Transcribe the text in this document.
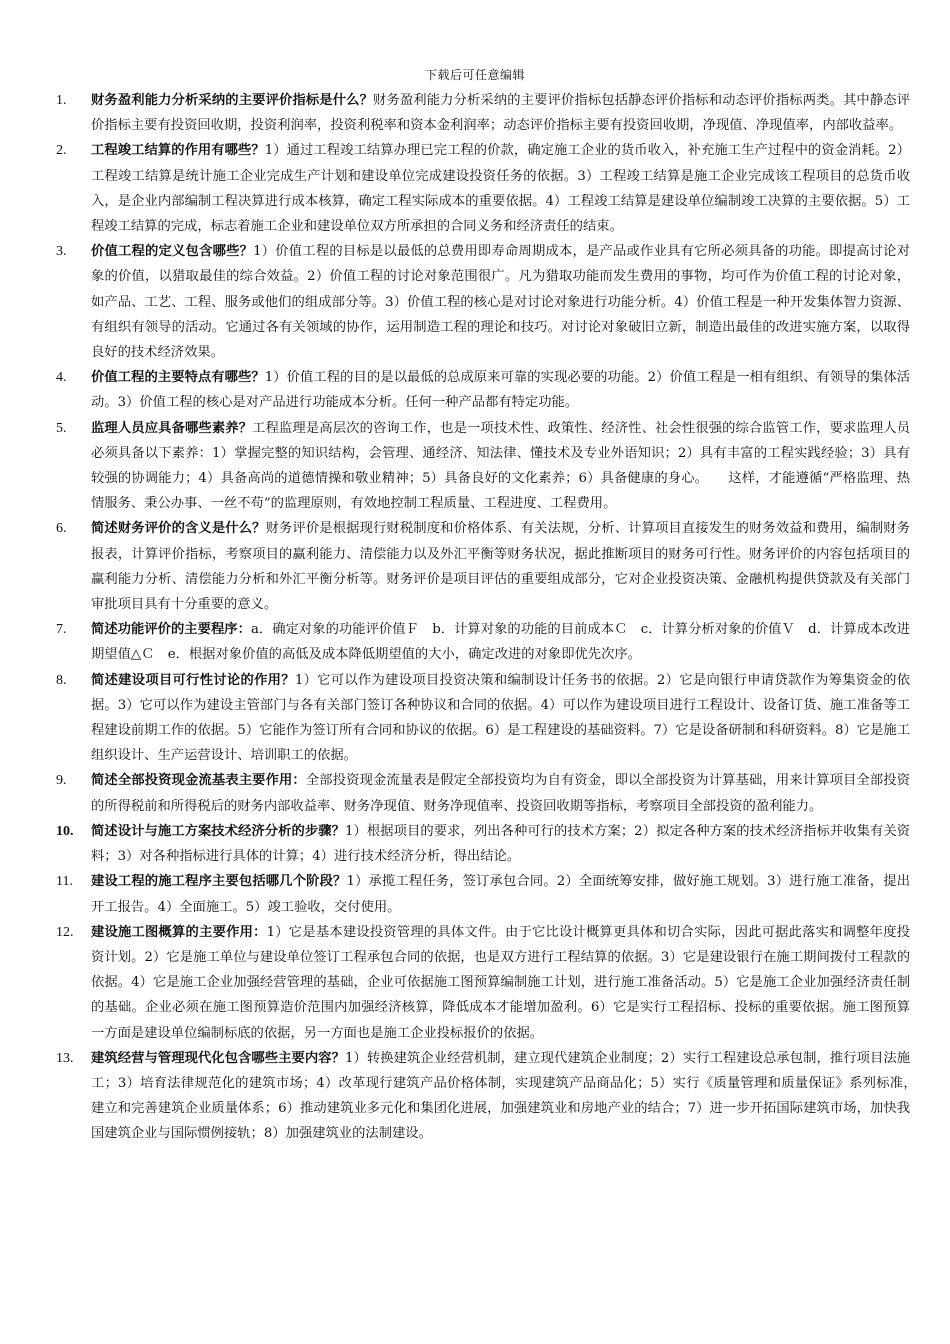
下载后可任意编辑
1.	财务盈利能力分析采纳的主要评价指标是什么？财务盈利能力分析采纳的主要评价指标包括静态评价指标和动态评价指标两类。其中静态评价指标主要有投资回收期，投资利润率，投资利税率和资本金利润率；动态评价指标主要有投资回收期，净现值、净现值率，内部收益率。
2.	工程竣工结算的作用有哪些？1）通过工程竣工结算办理已完工程的价款，确定施工企业的货币收入，补充施工生产过程中的资金消耗。2）工程竣工结算是统计施工企业完成生产计划和建设单位完成建设投资任务的依据。3）工程竣工结算是施工企业完成该工程项目的总货币收入，是企业内部编制工程决算进行成本核算，确定工程实际成本的重要依据。4）工程竣工结算是建设单位编制竣工决算的主要依据。5）工程竣工结算的完成，标志着施工企业和建设单位双方所承担的合同义务和经济责任的结束。
3.	价值工程的定义包含哪些？1）价值工程的目标是以最低的总费用即寿命周期成本，是产品或作业具有它所必须具备的功能。即提高讨论对象的价值，以猎取最佳的综合效益。2）价值工程的讨论对象范围很广。凡为猎取功能而发生费用的事物，均可作为价值工程的讨论对象，如产品、工艺、工程、服务或他们的组成部分等。3）价值工程的核心是对讨论对象进行功能分析。4）价值工程是一种开发集体智力资源、有组织有领导的活动。它通过各有关领域的协作，运用制造工程的理论和技巧。对讨论对象破旧立新，制造出最佳的改进实施方案，以取得良好的技术经济效果。
4.	价值工程的主要特点有哪些？1）价值工程的目的是以最低的总成原来可靠的实现必要的功能。2）价值工程是一相有组织、有领导的集体活动。3）价值工程的核心是对产品进行功能成本分析。任何一种产品都有特定功能。
5.	监理人员应具备哪些素养？工程监理是高层次的咨询工作，也是一项技术性、政策性、经济性、社会性很强的综合监管工作，要求监理人员必须具备以下素养：1）掌握完整的知识结构，会管理、通经济、知法律、懂技术及专业外语知识；2）具有丰富的工程实践经验；3）具有较强的协调能力；4）具备高尚的道德情操和敬业精神；5）具备良好的文化素养；6）具备健康的身心。　　这样，才能遵循“严格监理、热情服务、秉公办事、一丝不苟”的监理原则，有效地控制工程质量、工程进度、工程费用。
6.	简述财务评价的含义是什么？财务评价是根据现行财税制度和价格体系、有关法规，分析、计算项目直接发生的财务效益和费用，编制财务报表，计算评价指标，考察项目的赢利能力、清偿能力以及外汇平衡等财务状况，据此推断项目的财务可行性。财务评价的内容包括项目的赢利能力分析、清偿能力分析和外汇平衡分析等。财务评价是项目评估的重要组成部分，它对企业投资决策、金融机构提供贷款及有关部门审批项目具有十分重要的意义。
7.	简述功能评价的主要程序：a．确定对象的功能评价值Ｆ　b．计算对象的功能的目前成本Ｃ　c．计算分析对象的价值Ｖ　d．计算成本改进期望值△Ｃ　e．根据对象价值的高低及成本降低期望值的大小，确定改进的对象即优先次序。
8.	简述建设项目可行性讨论的作用？1）它可以作为建设项目投资决策和编制设计任务书的依据。2）它是向银行申请贷款作为筹集资金的依据。3）它可以作为建设主管部门与各有关部门签订各种协议和合同的依据。4）可以作为建设项目进行工程设计、设备订货、施工准备等工程建设前期工作的依据。5）它能作为签订所有合同和协议的依据。6）是工程建设的基础资料。7）它是设备研制和科研资料。8）它是施工组织设计、生产运营设计、培训职工的依据。
9.	简述全部投资现金流基表主要作用：全部投资现金流量表是假定全部投资均为自有资金，即以全部投资为计算基础，用来计算项目全部投资的所得税前和所得税后的财务内部收益率、财务净现值、财务净现值率、投资回收期等指标，考察项目全部投资的盈利能力。
10.	简述设计与施工方案技术经济分析的步骤？1）根据项目的要求，列出各种可行的技术方案；2）拟定各种方案的技术经济指标并收集有关资料；3）对各种指标进行具体的计算；4）进行技术经济分析，得出结论。
11.	建设工程的施工程序主要包括哪几个阶段？1）承揽工程任务，签订承包合同。2）全面统筹安排，做好施工规划。3）进行施工准备，提出开工报告。4）全面施工。5）竣工验收，交付使用。
12.	建设施工图概算的主要作用：1）它是基本建设投资管理的具体文件。由于它比设计概算更具体和切合实际，因此可据此落实和调整年度投资计划。2）它是施工单位与建设单位签订工程承包合同的依据，也是双方进行工程结算的依据。3）它是建设银行在施工期间拨付工程款的依据。4）它是施工企业加强经营管理的基础，企业可依据施工图预算编制施工计划，进行施工准备活动。5）它是施工企业加强经济责任制的基础。企业必须在施工图预算造价范围内加强经济核算，降低成本才能增加盈利。6）它是实行工程招标、投标的重要依据。施工图预算一方面是建设单位编制标底的依据，另一方面也是施工企业投标报价的依据。
13.	建筑经营与管理现代化包含哪些主要内容？1）转换建筑企业经营机制，建立现代建筑企业制度；2）实行工程建设总承包制，推行项目法施工；3）培育法律规范化的建筑市场；4）改革现行建筑产品价格体制，实现建筑产品商品化；5）实行《质量管理和质量保证》系列标准，　建立和完善建筑企业质量体系；6）推动建筑业多元化和集团化进展，加强建筑业和房地产业的结合；7）进一步开拓国际建筑市场，加快我国建筑企业与国际惯例接轨；8）加强建筑业的法制建设。
